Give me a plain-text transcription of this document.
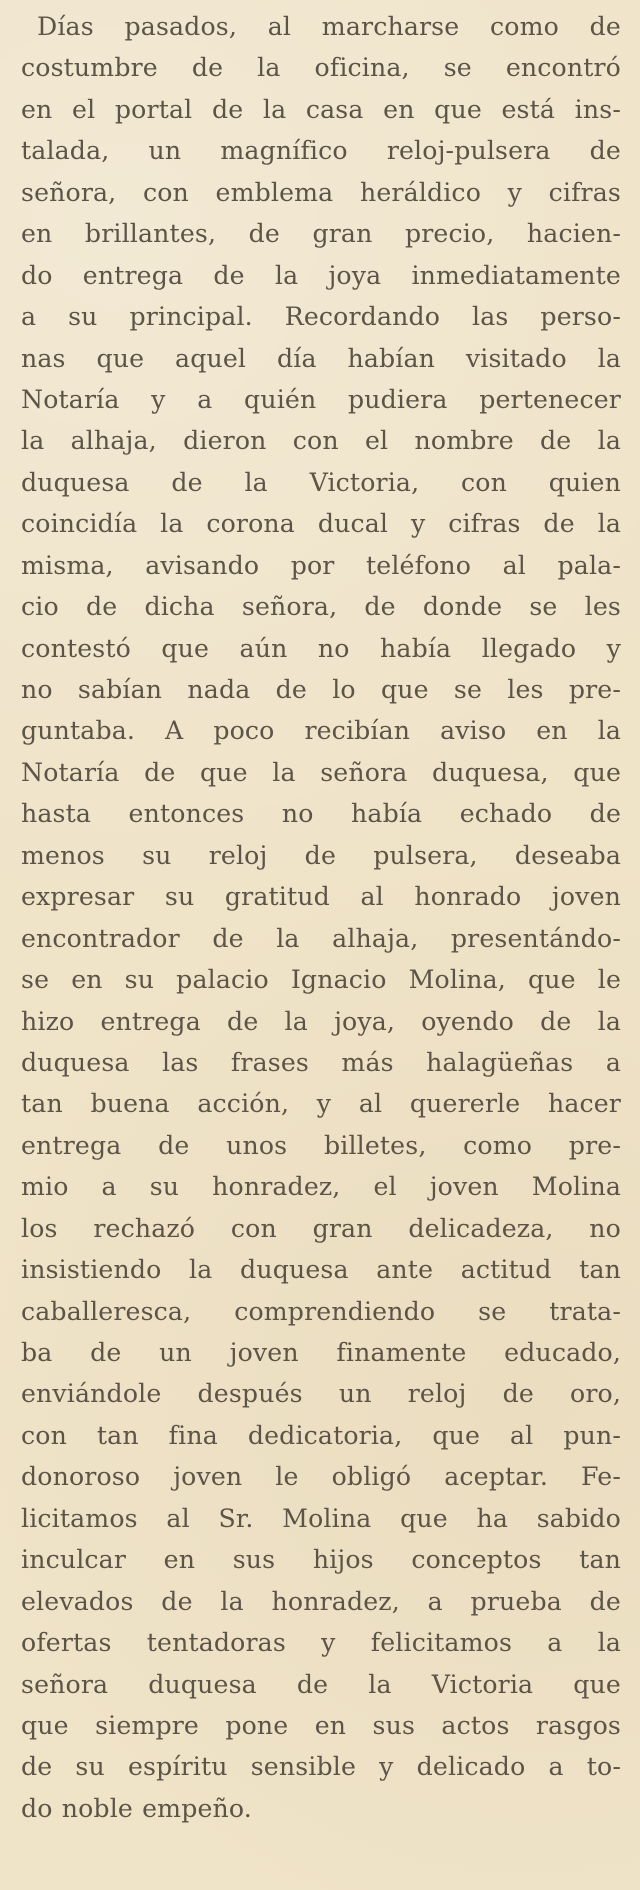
Días pasados, al marcharse como de
costumbre de la oficina, se encontró
en el portal de la casa en que está ins-
talada, un magnífico reloj-pulsera de
señora, con emblema heráldico y cifras
en brillantes, de gran precio, hacien-
do entrega de la joya inmediatamente
a su principal. Recordando las perso-
nas que aquel día habían visitado la
Notaría y a quién pudiera pertenecer
la alhaja, dieron con el nombre de la
duquesa de la Victoria, con quien
coincidía la corona ducal y cifras de la
misma, avisando por teléfono al pala-
cio de dicha señora, de donde se les
contestó que aún no había llegado y
no sabían nada de lo que se les pre-
guntaba. A poco recibían aviso en la
Notaría de que la señora duquesa, que
hasta entonces no había echado de
menos su reloj de pulsera, deseaba
expresar su gratitud al honrado joven
encontrador de la alhaja, presentándo-
se en su palacio Ignacio Molina, que le
hizo entrega de la joya, oyendo de la
duquesa las frases más halagüeñas a
tan buena acción, y al quererle hacer
entrega de unos billetes, como pre-
mio a su honradez, el joven Molina
los rechazó con gran delicadeza, no
insistiendo la duquesa ante actitud tan
caballeresca, comprendiendo se trata-
ba de un joven finamente educado,
enviándole después un reloj de oro,
con tan fina dedicatoria, que al pun-
donoroso joven le obligó aceptar. Fe-
licitamos al Sr. Molina que ha sabido
inculcar en sus hijos conceptos tan
elevados de la honradez, a prueba de
ofertas tentadoras y felicitamos a la
señora duquesa de la Victoria que
que siempre pone en sus actos rasgos
de su espíritu sensible y delicado a to-
do noble empeño.
